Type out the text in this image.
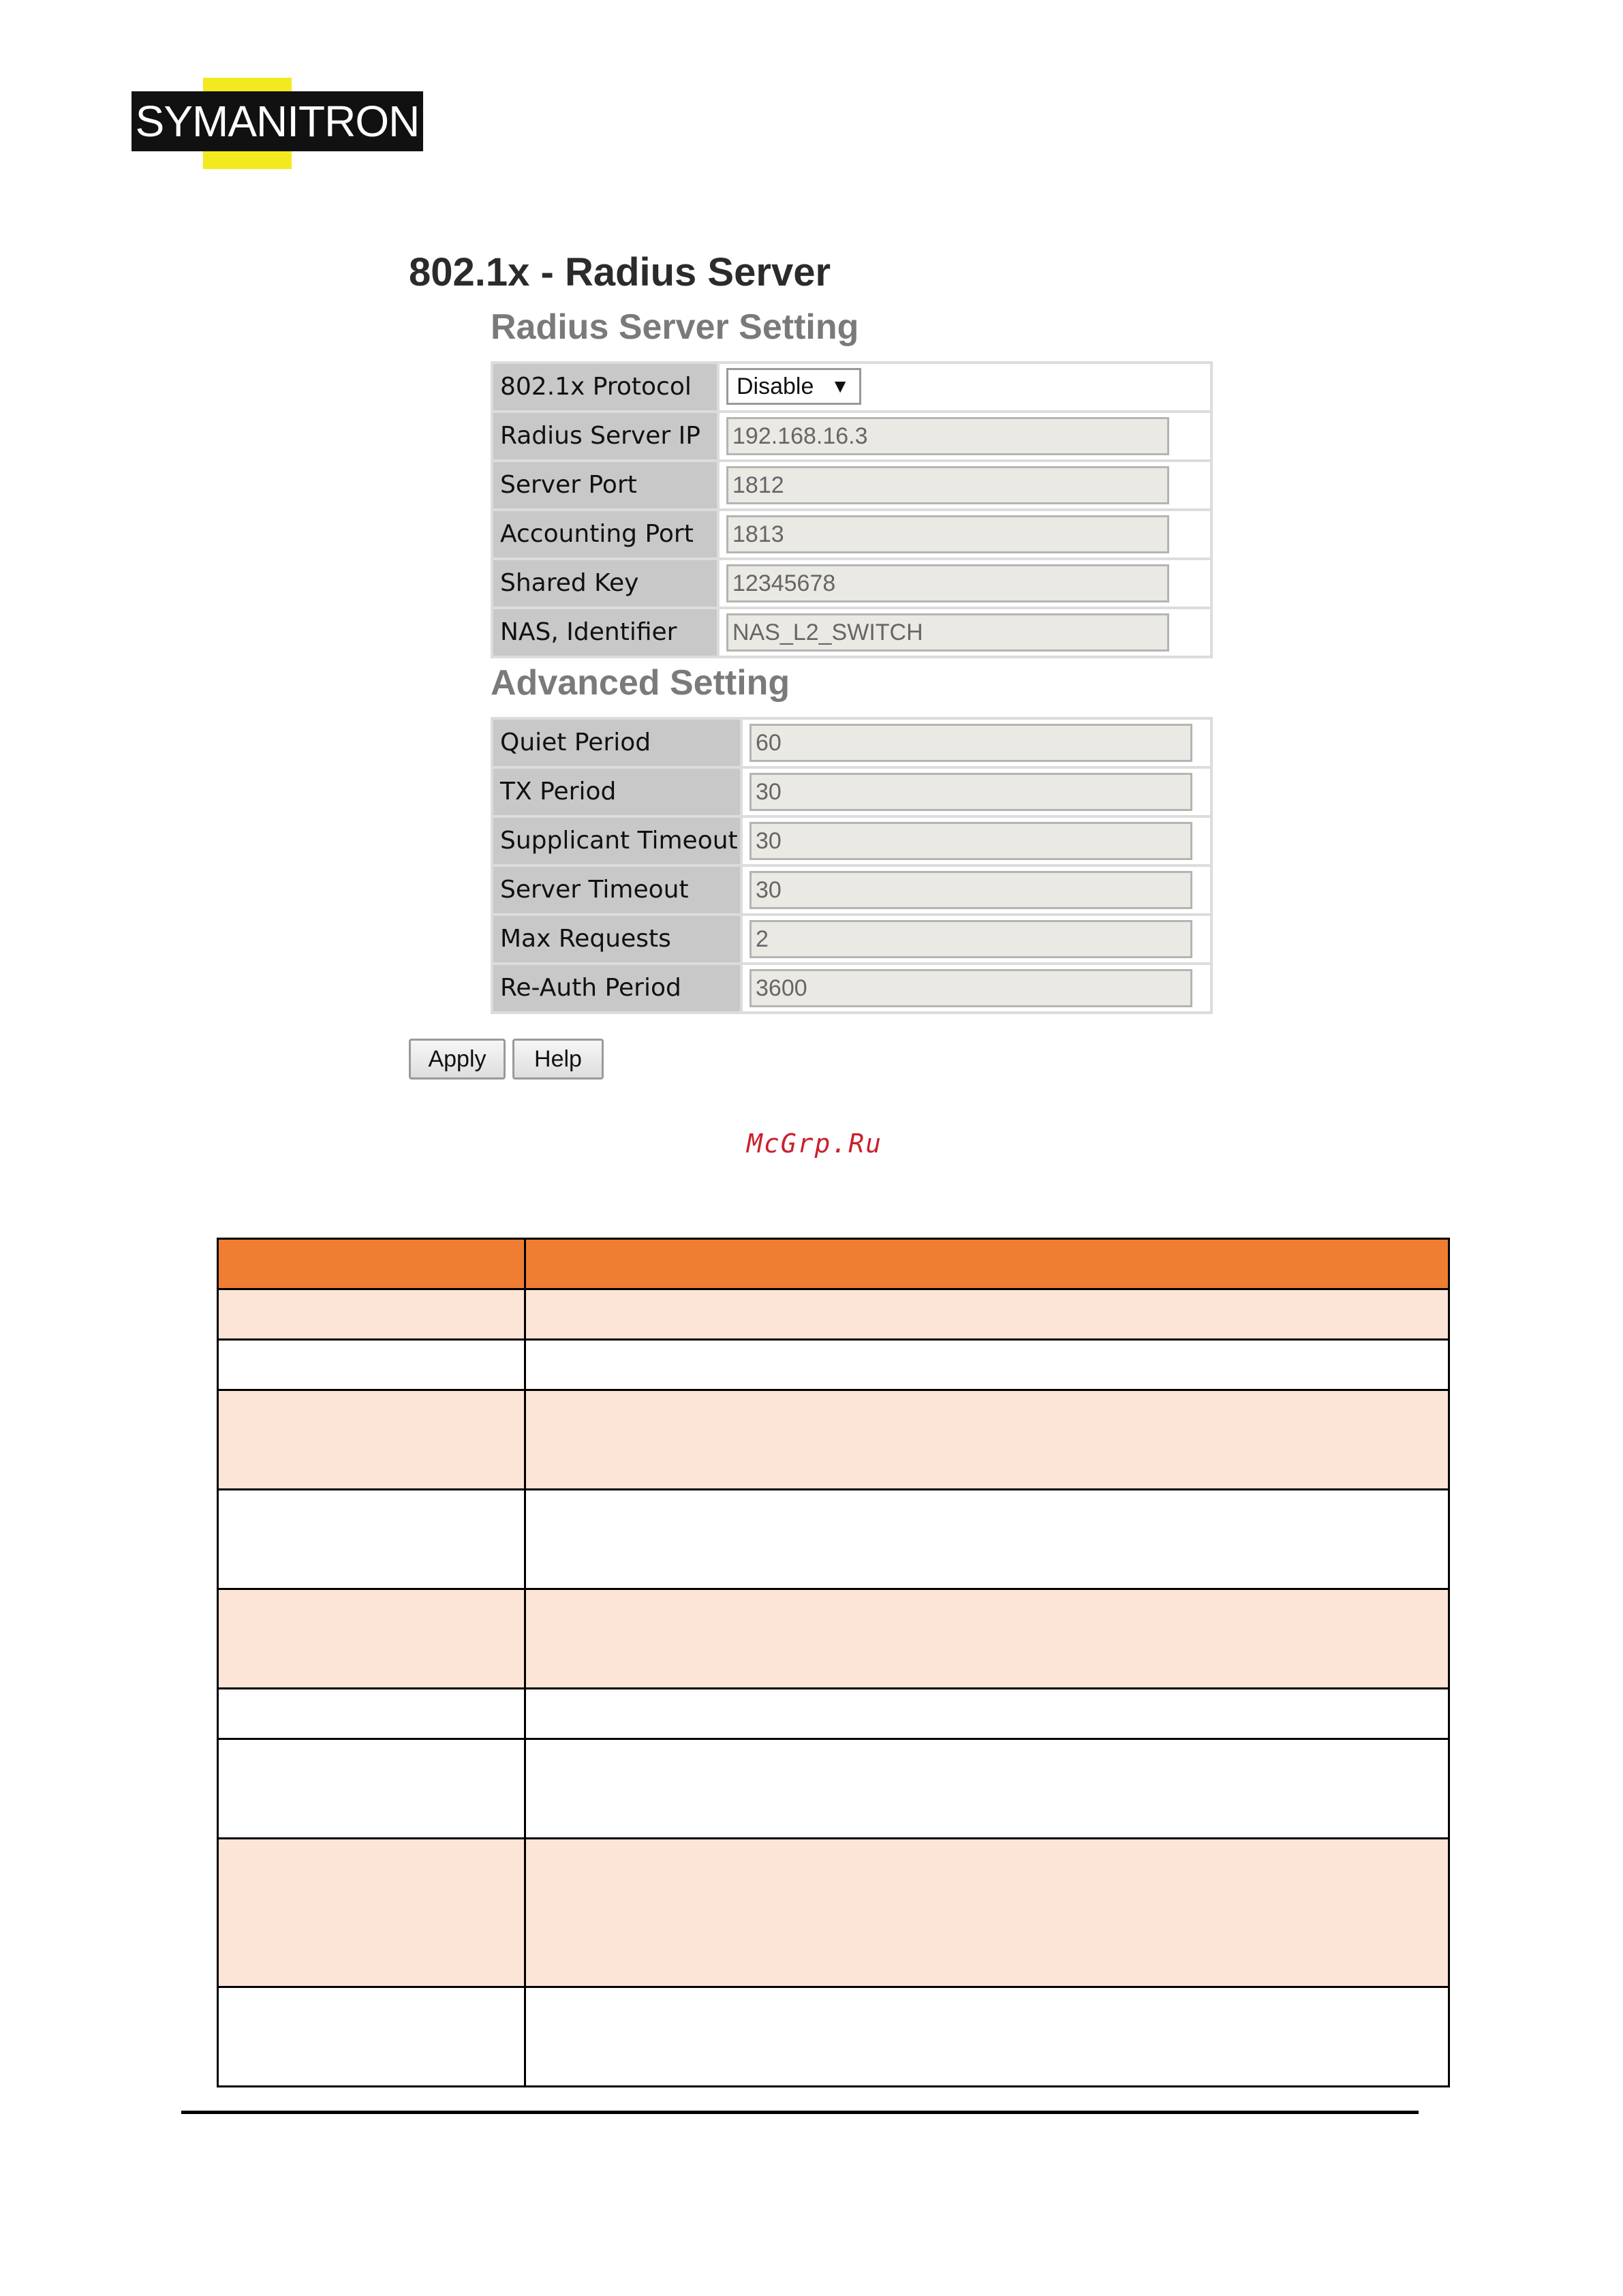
SYMANITRON
802.1x - Radius Server
Radius Server Setting
802.1x Protocol	Disable ▼
Radius Server IP	192.168.16.3
Server Port	1812
Accounting Port	1813
Shared Key	12345678
NAS, Identifier	NAS_L2_SWITCH
Advanced Setting
Quiet Period	60
TX Period	30
Supplicant Timeout 30
Server Timeout	30
Max Requests	2
Re-Auth Period	3600
Apply	Help

McGrp.Ru
